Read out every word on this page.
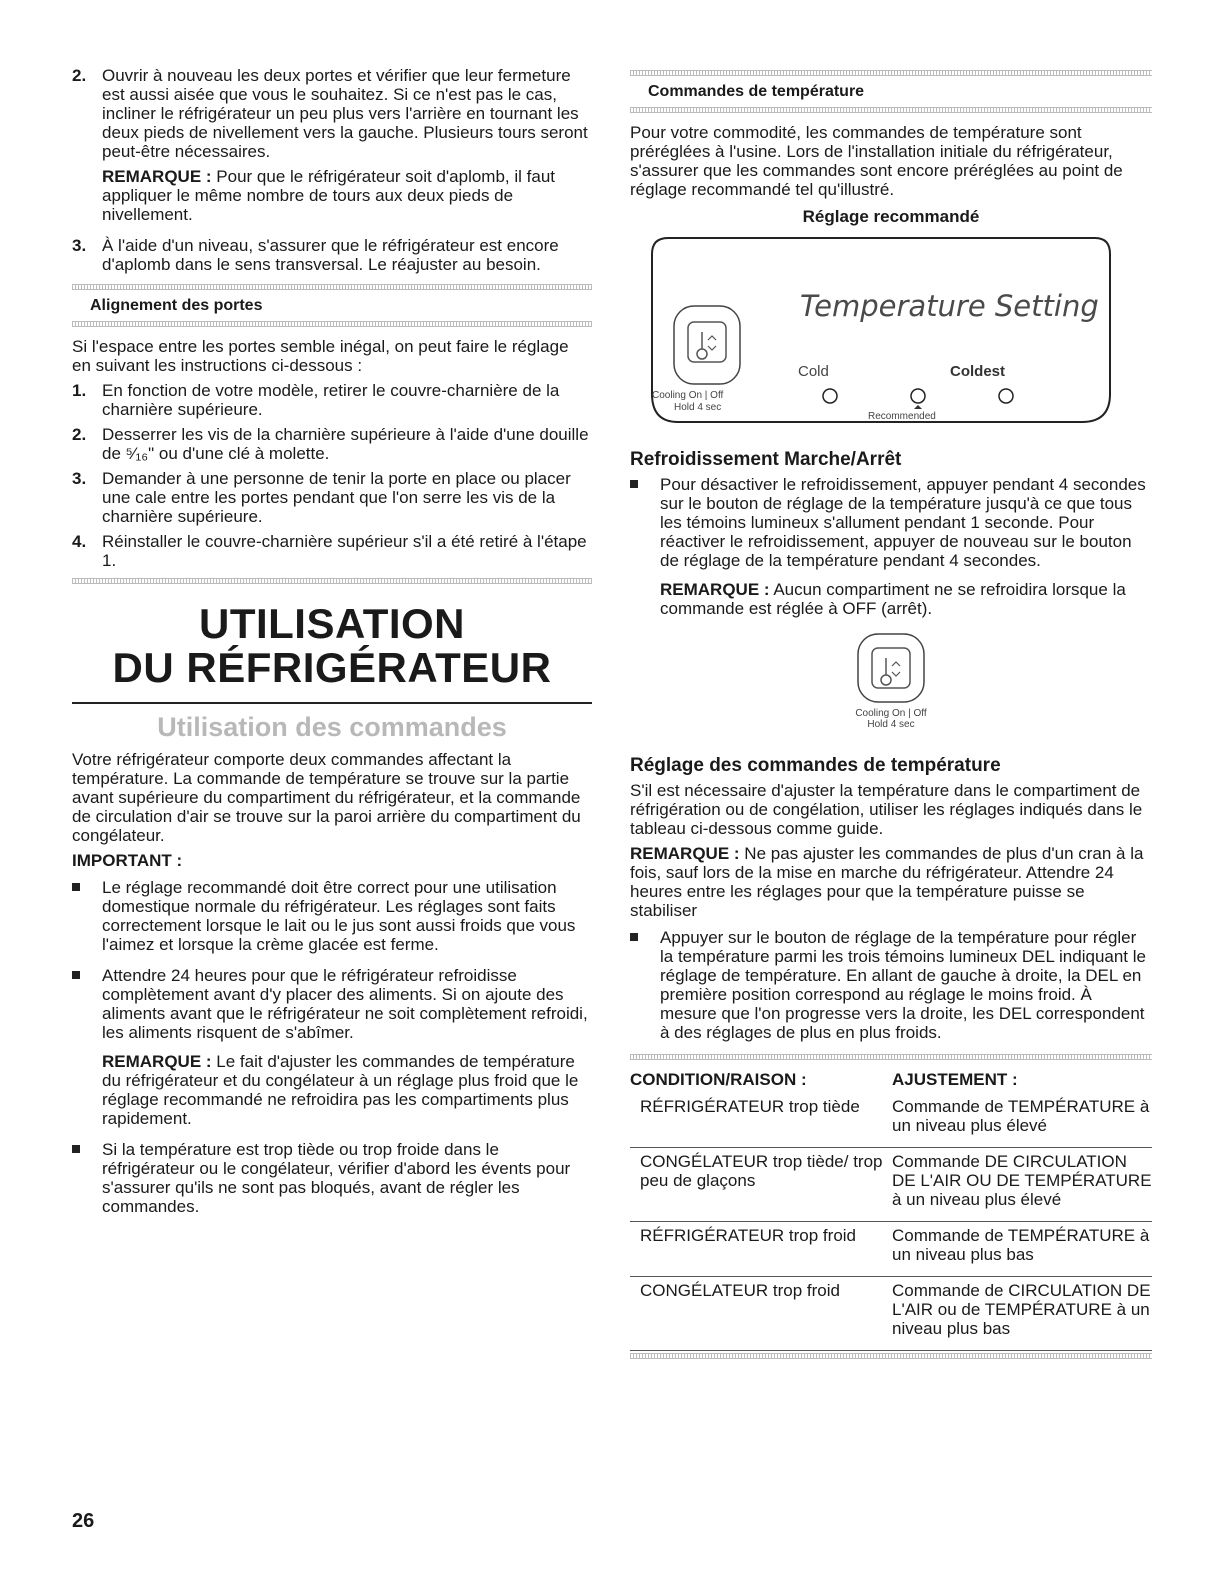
2. Ouvrir à nouveau les deux portes et vérifier que leur fermeture est aussi aisée que vous le souhaitez. Si ce n'est pas le cas, incliner le réfrigérateur un peu plus vers l'arrière en tournant les deux pieds de nivellement vers la gauche. Plusieurs tours seront peut-être nécessaires.

REMARQUE : Pour que le réfrigérateur soit d'aplomb, il faut appliquer le même nombre de tours aux deux pieds de nivellement.

3. À l'aide d'un niveau, s'assurer que le réfrigérateur est encore d'aplomb dans le sens transversal. Le réajuster au besoin.

Alignement des portes

Si l'espace entre les portes semble inégal, on peut faire le réglage en suivant les instructions ci-dessous :

1. En fonction de votre modèle, retirer le couvre-charnière de la charnière supérieure.

2. Desserrer les vis de la charnière supérieure à l'aide d'une douille de ⁵⁄₁₆" ou d'une clé à molette.

3. Demander à une personne de tenir la porte en place ou placer une cale entre les portes pendant que l'on serre les vis de la charnière supérieure.

4. Réinstaller le couvre-charnière supérieur s'il a été retiré à l'étape 1.

UTILISATION
DU RÉFRIGÉRATEUR
Utilisation des commandes

Votre réfrigérateur comporte deux commandes affectant la température. La commande de température se trouve sur la partie avant supérieure du compartiment du réfrigérateur, et la commande de circulation d'air se trouve sur la paroi arrière du compartiment du congélateur.

IMPORTANT :

Le réglage recommandé doit être correct pour une utilisation domestique normale du réfrigérateur. Les réglages sont faits correctement lorsque le lait ou le jus sont aussi froids que vous l'aimez et lorsque la crème glacée est ferme.

Attendre 24 heures pour que le réfrigérateur refroidisse complètement avant d'y placer des aliments. Si on ajoute des aliments avant que le réfrigérateur ne soit complètement refroidi, les aliments risquent de s'abîmer.

REMARQUE : Le fait d'ajuster les commandes de température du réfrigérateur et du congélateur à un réglage plus froid que le réglage recommandé ne refroidira pas les compartiments plus rapidement.

Si la température est trop tiède ou trop froide dans le réfrigérateur ou le congélateur, vérifier d'abord les évents pour s'assurer qu'ils ne sont pas bloqués, avant de régler les commandes.

Commandes de température

Pour votre commodité, les commandes de température sont préréglées à l'usine. Lors de l'installation initiale du réfrigérateur, s'assurer que les commandes sont encore préréglées au point de réglage recommandé tel qu'illustré.

Réglage recommandé
Temperature Setting
Cold	Coldest
Cooling On | Off
Hold 4 sec
Recommended
Refroidissement Marche/Arrêt

Pour désactiver le refroidissement, appuyer pendant 4 secondes sur le bouton de réglage de la température jusqu'à ce que tous les témoins lumineux s'allument pendant 1 seconde. Pour réactiver le refroidissement, appuyer de nouveau sur le bouton de réglage de la température pendant 4 secondes.

REMARQUE : Aucun compartiment ne se refroidira lorsque la commande est réglée à OFF (arrêt).

Cooling On | Off
Hold 4 sec
Réglage des commandes de température

S'il est nécessaire d'ajuster la température dans le compartiment de réfrigération ou de congélation, utiliser les réglages indiqués dans le tableau ci-dessous comme guide.

REMARQUE : Ne pas ajuster les commandes de plus d'un cran à la fois, sauf lors de la mise en marche du réfrigérateur. Attendre 24 heures entre les réglages pour que la température puisse se stabiliser

Appuyer sur le bouton de réglage de la température pour régler la température parmi les trois témoins lumineux DEL indiquant le réglage de température. En allant de gauche à droite, la DEL en première position correspond au réglage le moins froid. À mesure que l'on progresse vers la droite, les DEL correspondent à des réglages de plus en plus froids.

CONDITION/RAISON :	AJUSTEMENT :
RÉFRIGÉRATEUR trop tiède	Commande de TEMPÉRATURE à un niveau plus élevé
CONGÉLATEUR trop tiède/ trop peu de glaçons	Commande DE CIRCULATION DE L'AIR OU DE TEMPÉRATURE à un niveau plus élevé
RÉFRIGÉRATEUR trop froid	Commande de TEMPÉRATURE à un niveau plus bas
CONGÉLATEUR trop froid	Commande de CIRCULATION DE L'AIR ou de TEMPÉRATURE à un niveau plus bas
26
